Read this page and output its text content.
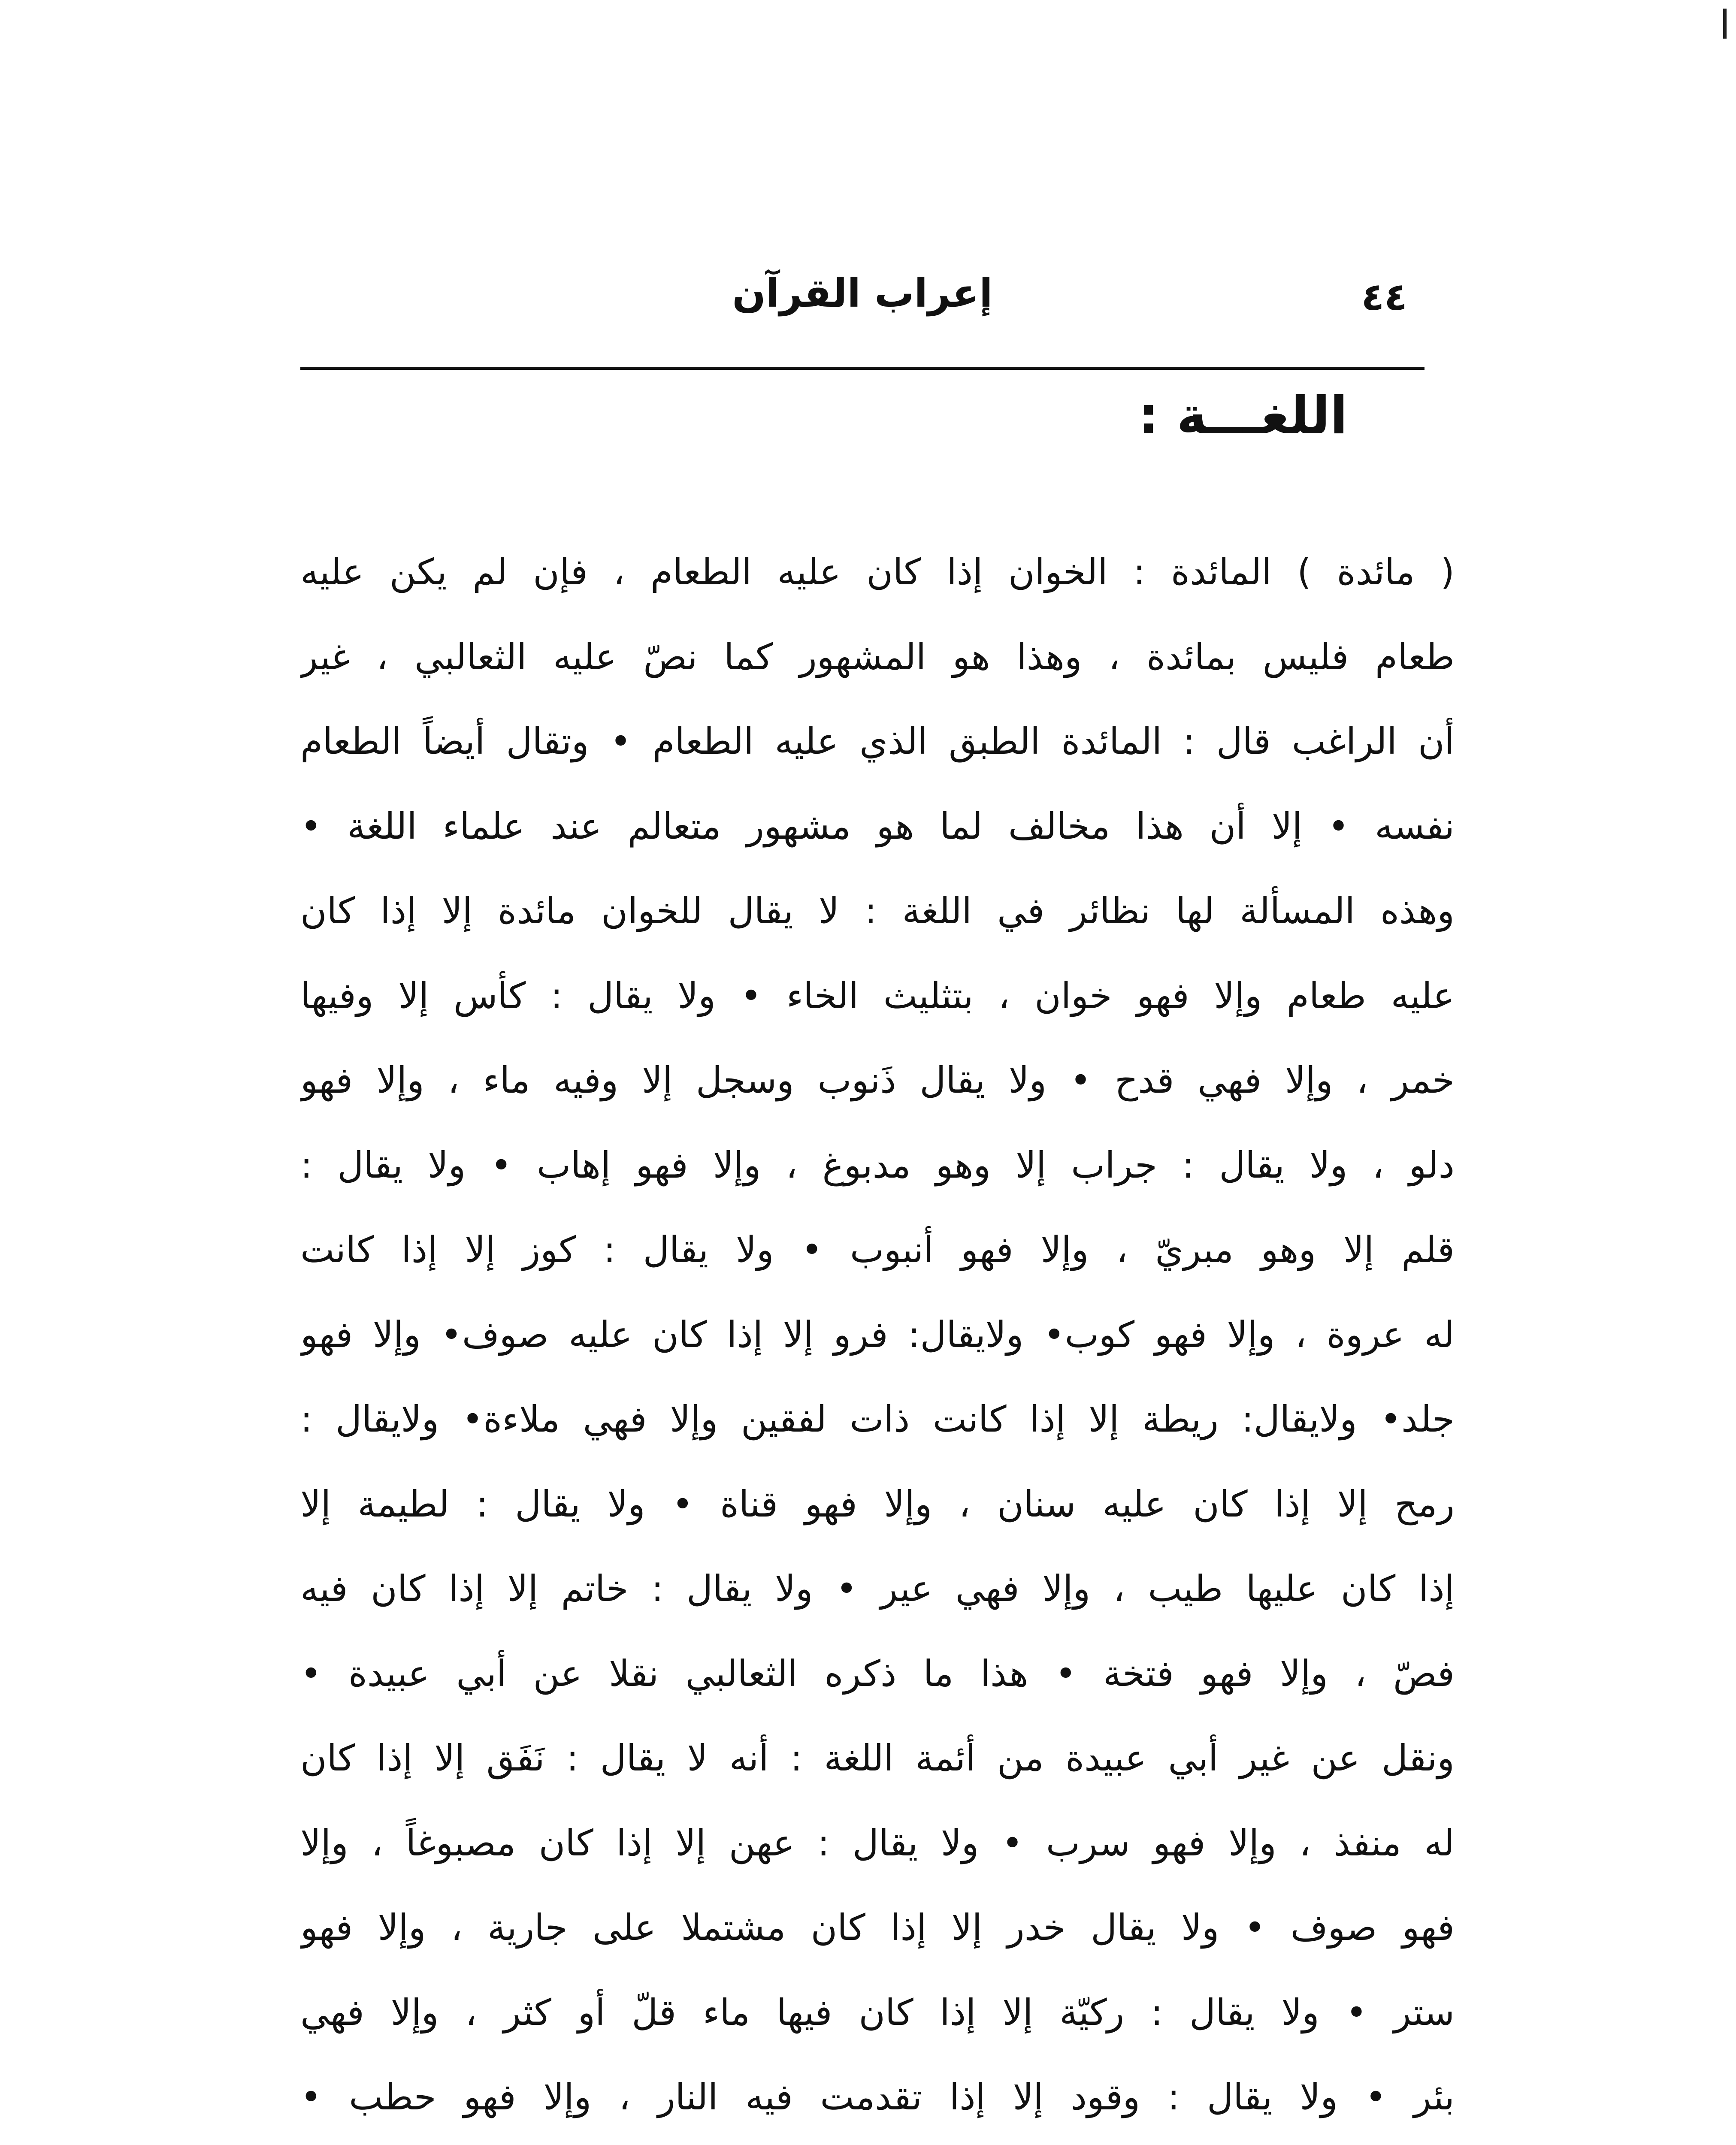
٤٤
إعراب القرآن
اللغـــة :
( مائدة ) المائدة : الخوان إذا كان عليه الطعام ، فإن لم يكن عليه
طعام فليس بمائدة ، وهذا هو المشهور كما نصّ عليه الثعالبي ، غير
أن الراغب قال : المائدة الطبق الذي عليه الطعام • وتقال أيضاً الطعام
نفسه • إلا أن هذا مخالف لما هو مشهور متعالم عند علماء اللغة •
وهذه المسألة لها نظائر في اللغة : لا يقال للخوان مائدة إلا إذا كان
عليه طعام وإلا فهو خوان ، بتثليث الخاء • ولا يقال : كأس إلا وفيها
خمر ، وإلا فهي قدح • ولا يقال ذَنوب وسجل إلا وفيه ماء ، وإلا فهو
دلو ، ولا يقال : جراب إلا وهو مدبوغ ، وإلا فهو إهاب • ولا يقال :
قلم إلا وهو مبريّ ، وإلا فهو أنبوب • ولا يقال : كوز إلا إذا كانت
له عروة ، وإلا فهو كوب• ولايقال: فرو إلا إذا كان عليه صوف• وإلا فهو
جلد• ولايقال: ريطة إلا إذا كانت ذات لفقين وإلا فهي ملاءة• ولايقال :
رمح إلا إذا كان عليه سنان ، وإلا فهو قناة • ولا يقال : لطيمة إلا
إذا كان عليها طيب ، وإلا فهي عير • ولا يقال : خاتم إلا إذا كان فيه
فصّ ، وإلا فهو فتخة • هذا ما ذكره الثعالبي نقلا عن أبي عبيدة •
ونقل عن غير أبي عبيدة من أئمة اللغة : أنه لا يقال : نَفَق إلا إذا كان
له منفذ ، وإلا فهو سرب • ولا يقال : عهن إلا إذا كان مصبوغاً ، وإلا
فهو صوف • ولا يقال خدر إلا إذا كان مشتملا على جارية ، وإلا فهو
ستر • ولا يقال : ركيّة إلا إذا كان فيها ماء قلّ أو كثر ، وإلا فهي
بئر • ولا يقال : وقود إلا إذا تقدمت فيه النار ، وإلا فهو حطب •
